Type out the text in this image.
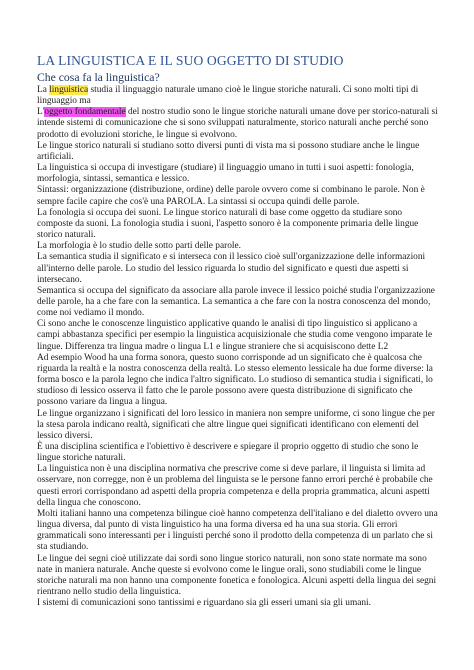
LA LINGUISTICA E IL SUO OGGETTO DI STUDIO
Che cosa fa la linguistica?

La linguistica studia il linguaggio naturale umano cioè le lingue storiche naturali. Ci sono molti tipi di linguaggio ma

L'oggetto fondamentale del nostro studio sono le lingue storiche naturali umane dove per storico-naturali si intende sistemi di comunicazione che si sono sviluppati naturalmente, storico naturali anche perché sono prodotto di evoluzioni storiche, le lingue si evolvono.

Le lingue storico naturali si studiano sotto diversi punti di vista ma si possono studiare anche le lingue artificiali.

La linguistica si occupa di investigare (studiare) il linguaggio umano in tutti i suoi aspetti: fonologia, morfologia, sintassi, semantica e lessico.

Sintassi: organizzazione (distribuzione, ordine) delle parole ovvero come si combinano le parole. Non è sempre facile capire che cos'è una PAROLA. La sintassi si occupa quindi delle parole.

La fonologia si occupa dei suoni. Le lingue storico naturali di base come oggetto da studiare sono composte da suoni. La fonologia studia i suoni, l'aspetto sonoro è la componente primaria delle lingue storico naturali.

La morfologia è lo studio delle sotto parti delle parole.

La semantica studia il significato e si interseca con il lessico cioè sull'organizzazione delle informazioni all'interno delle parole. Lo studio del lessico riguarda lo studio del significato e questi due aspetti si intersecano.

Semantica si occupa del significato da associare alla parole invece il lessico poiché studia l'organizzazione delle parole, ha a che fare con la semantica. La semantica a che fare con la nostra conoscenza del mondo, come noi vediamo il mondo.

Ci sono anche le conoscenze linguistico applicative quando le analisi di tipo linguistico si applicano a campi abbastanza specifici per esempio la linguistica acquisizionale che studia come vengono imparate le lingue. Differenza tra lingua madre o lingua L1 e lingue straniere che si acquisiscono dette L2

Ad esempio Wood ha una forma sonora, questo suono corrisponde ad un significato che è qualcosa che riguarda la realtà e la nostra conoscenza della realtà. Lo stesso elemento lessicale ha due forme diverse: la forma bosco e la parola legno che indica l'altro significato. Lo studioso di semantica studia i significati, lo studioso di lessico osserva il fatto che le parole possono avere questa distribuzione di significato che possono variare da lingua a lingua.

Le lingue organizzano i significati del loro lessico in maniera non sempre uniforme, ci sono lingue che per la stesa parola indicano realtà, significati che altre lingue quei significati identificano con elementi del lessico diversi.

È una disciplina scientifica e l'obiettivo è descrivere e spiegare il proprio oggetto di studio che sono le lingue storiche naturali.

La linguistica non è una disciplina normativa che prescrive come si deve parlare, il linguista si limita ad osservare, non corregge, non è un problema del linguista se le persone fanno errori perché è probabile che questi errori corrispondano ad aspetti della propria competenza e della propria grammatica, alcuni aspetti della lingua che conoscono.

Molti italiani hanno una competenza bilingue cioè hanno competenza dell'italiano e del dialetto ovvero una lingua diversa, dal punto di vista linguistico ha una forma diversa ed ha una sua storia. Gli errori grammaticali sono interessanti per i linguisti perché sono il prodotto della competenza di un parlato che si sta studiando.

Le lingue dei segni cioè utilizzate dai sordi sono lingue storico naturali, non sono state normate ma sono nate in maniera naturale. Anche queste si evolvono come le lingue orali, sono studiabili come le lingue storiche naturali ma non hanno una componente fonetica e fonologica. Alcuni aspetti della lingua dei segni rientrano nello studio della linguistica.

I sistemi di comunicazioni sono tantissimi e riguardano sia gli esseri umani sia gli umani.
